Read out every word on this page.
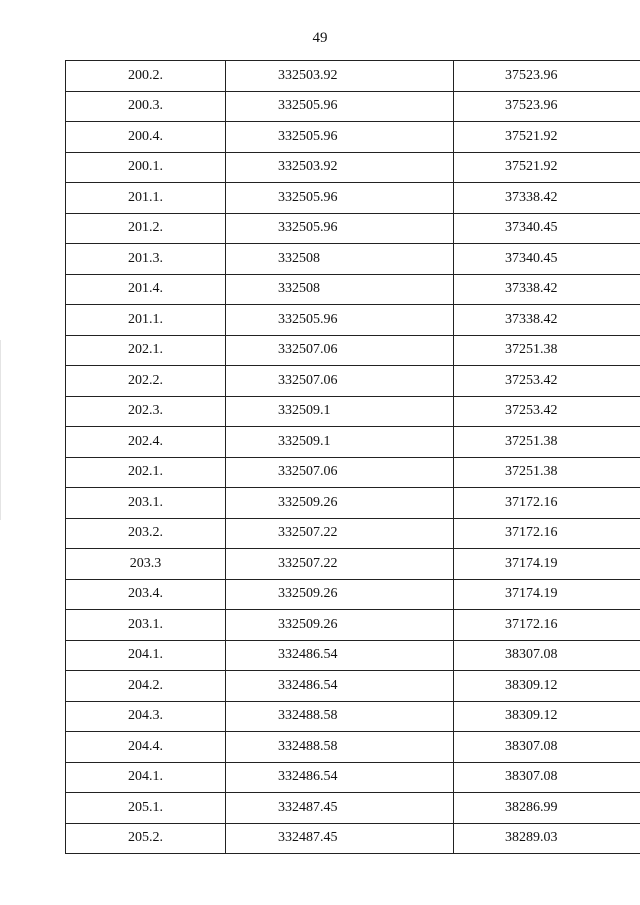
49
200.2.	332503.92	37523.96
200.3.	332505.96	37523.96
200.4.	332505.96	37521.92
200.1.	332503.92	37521.92
201.1.	332505.96	37338.42
201.2.	332505.96	37340.45
201.3.	332508	37340.45
201.4.	332508	37338.42
201.1.	332505.96	37338.42
202.1.	332507.06	37251.38
202.2.	332507.06	37253.42
202.3.	332509.1	37253.42
202.4.	332509.1	37251.38
202.1.	332507.06	37251.38
203.1.	332509.26	37172.16
203.2.	332507.22	37172.16
203.3	332507.22	37174.19
203.4.	332509.26	37174.19
203.1.	332509.26	37172.16
204.1.	332486.54	38307.08
204.2.	332486.54	38309.12
204.3.	332488.58	38309.12
204.4.	332488.58	38307.08
204.1.	332486.54	38307.08
205.1.	332487.45	38286.99
205.2.	332487.45	38289.03
